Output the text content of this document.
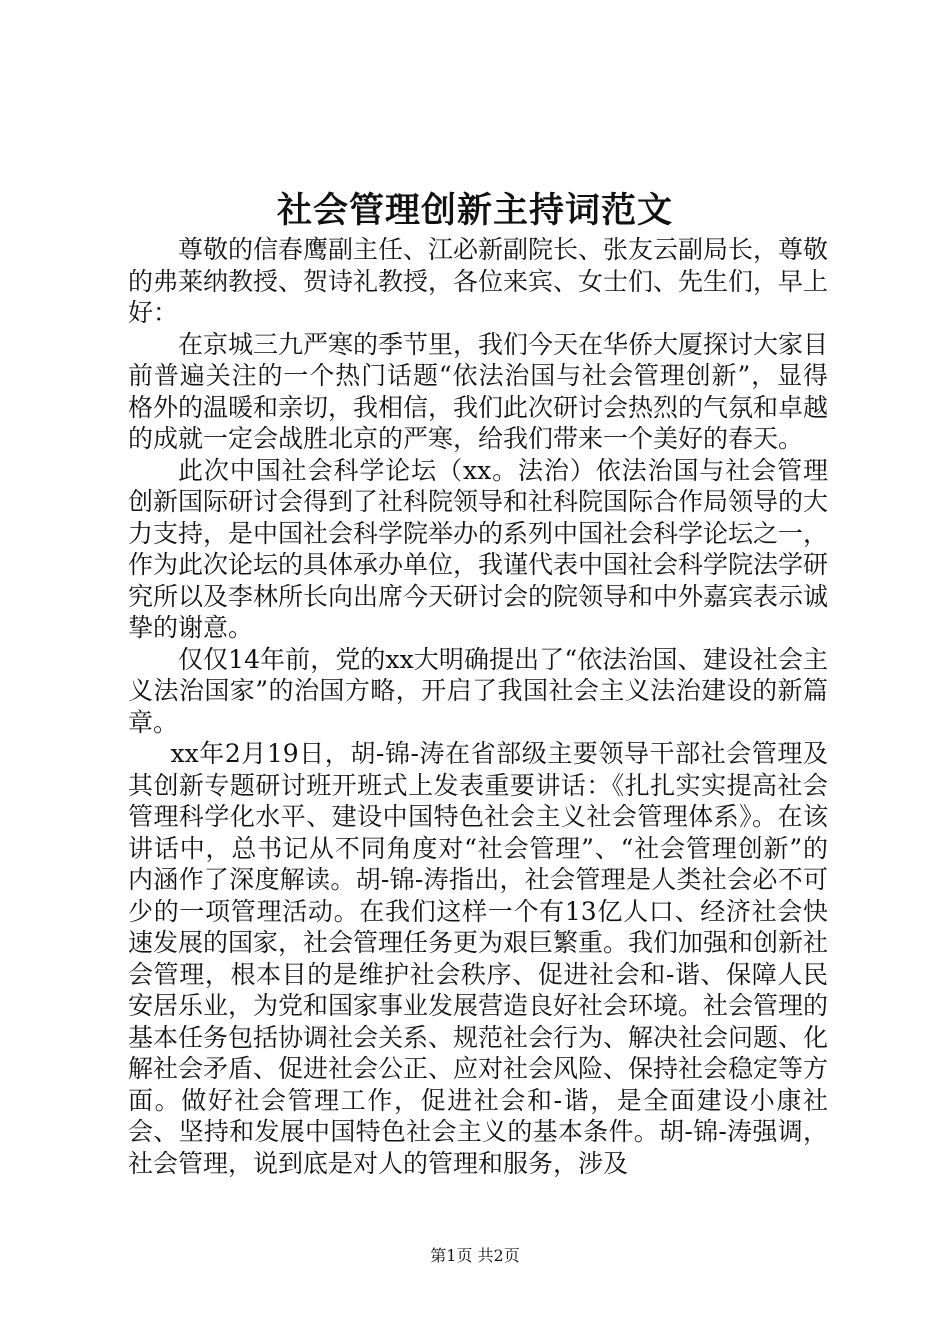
社会管理创新主持词范文

尊敬的信春鹰副主任、江必新副院长、张友云副局长，尊敬的弗莱纳教授、贺诗礼教授，各位来宾、女士们、先生们，早上好：

在京城三九严寒的季节里，我们今天在华侨大厦探讨大家目前普遍关注的一个热门话题“依法治国与社会管理创新”，显得格外的温暖和亲切，我相信，我们此次研讨会热烈的气氛和卓越的成就一定会战胜北京的严寒，给我们带来一个美好的春天。

此次中国社会科学论坛（xx。法治）依法治国与社会管理创新国际研讨会得到了社科院领导和社科院国际合作局领导的大力支持，是中国社会科学院举办的系列中国社会科学论坛之一，作为此次论坛的具体承办单位，我谨代表中国社会科学院法学研究所以及李林所长向出席今天研讨会的院领导和中外嘉宾表示诚挚的谢意。

仅仅14年前，党的xx大明确提出了“依法治国、建设社会主义法治国家”的治国方略，开启了我国社会主义法治建设的新篇章。

xx年2月19日，胡-锦-涛在省部级主要领导干部社会管理及其创新专题研讨班开班式上发表重要讲话：《扎扎实实提高社会管理科学化水平、建设中国特色社会主义社会管理体系》。在该讲话中，总书记从不同角度对“社会管理”、“社会管理创新”的内涵作了深度解读。胡-锦-涛指出，社会管理是人类社会必不可少的一项管理活动。在我们这样一个有13亿人口、经济社会快速发展的国家，社会管理任务更为艰巨繁重。我们加强和创新社会管理，根本目的是维护社会秩序、促进社会和-谐、保障人民安居乐业，为党和国家事业发展营造良好社会环境。社会管理的基本任务包括协调社会关系、规范社会行为、解决社会问题、化解社会矛盾、促进社会公正、应对社会风险、保持社会稳定等方面。做好社会管理工作，促进社会和-谐，是全面建设小康社会、坚持和发展中国特色社会主义的基本条件。胡-锦-涛强调，社会管理，说到底是对人的管理和服务，涉及

第1页 共2页
